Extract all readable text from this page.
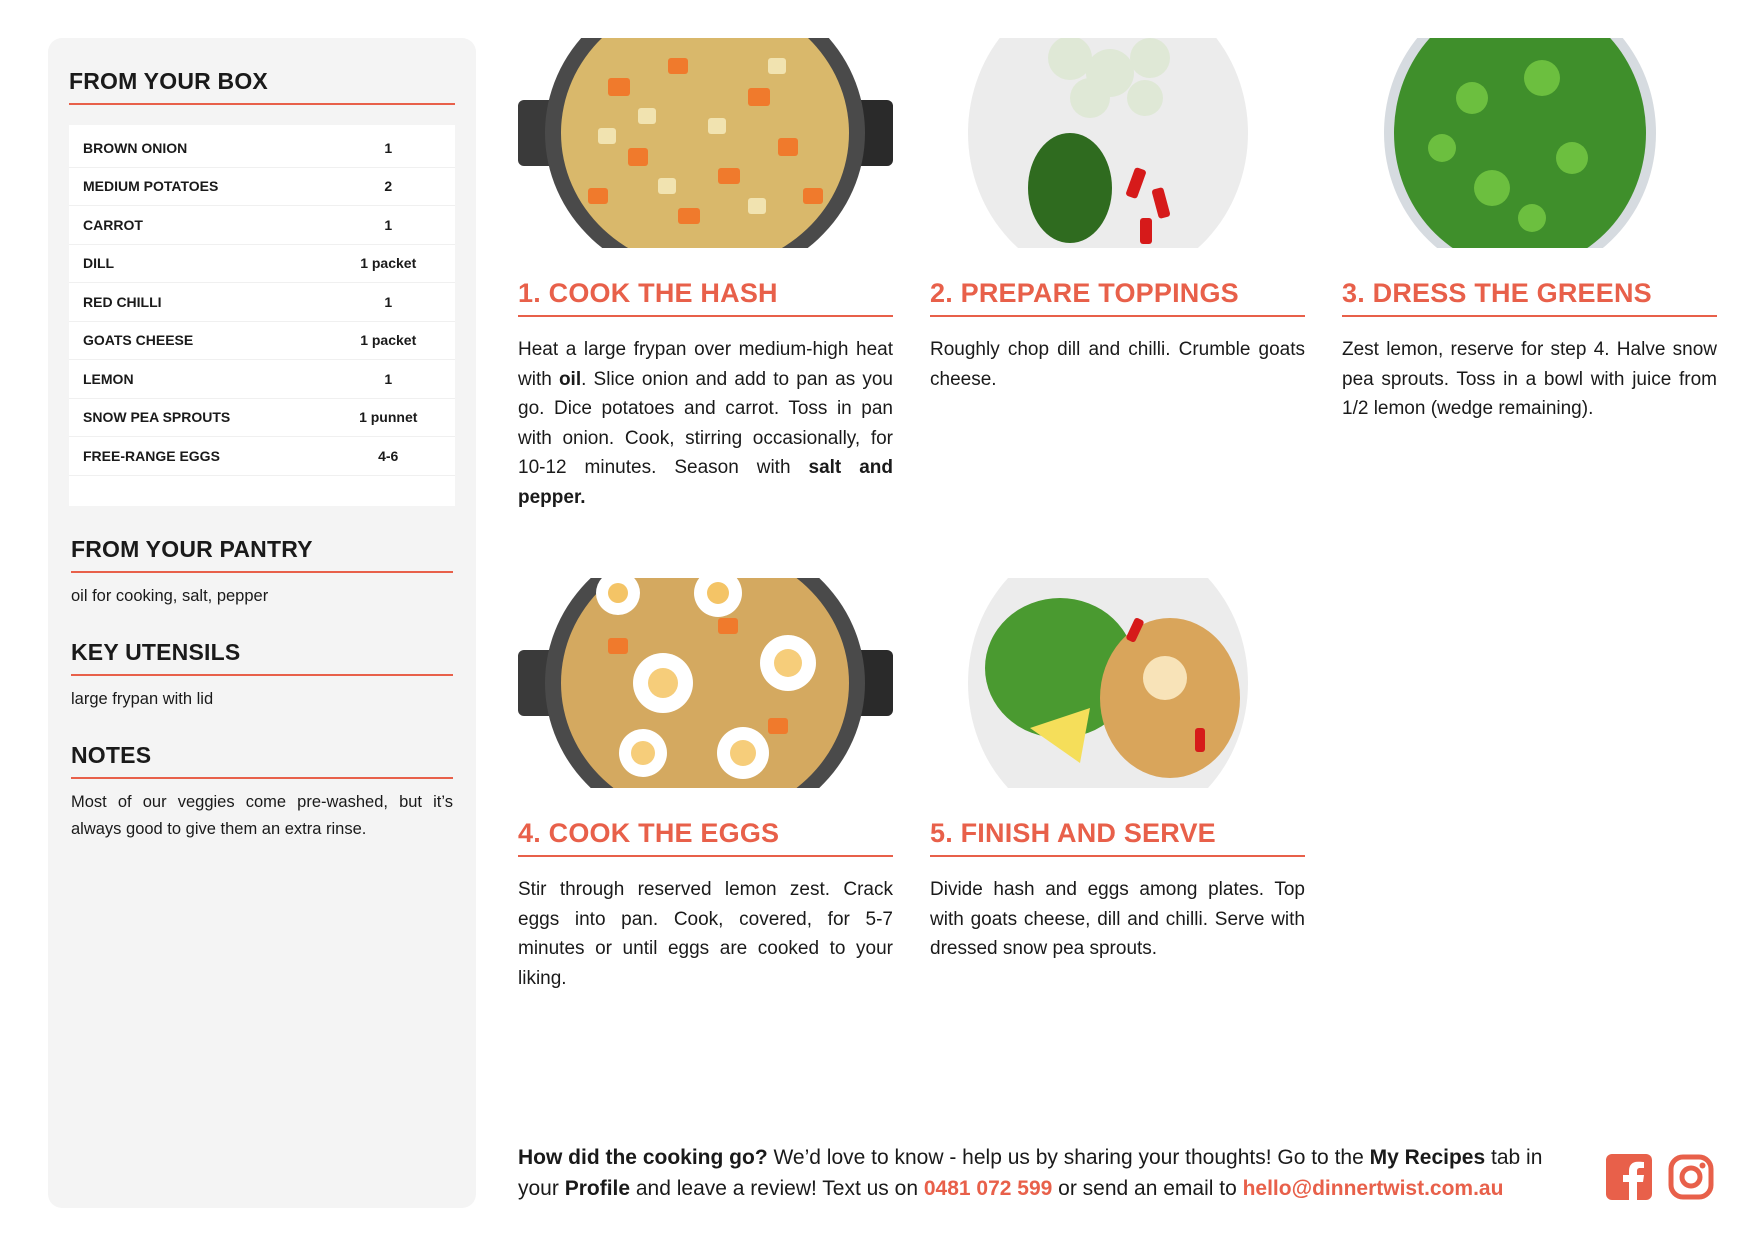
FROM YOUR BOX
BROWN ONION	1
MEDIUM POTATOES	2
CARROT	1
DILL	1 packet
RED CHILLI	1
GOATS CHEESE	1 packet
LEMON	1
SNOW PEA SPROUTS	1 punnet
FREE-RANGE EGGS	4-6
FROM YOUR PANTRY
oil for cooking, salt, pepper
KEY UTENSILS
large frypan with lid
NOTES
Most of our veggies come pre-washed, but it’s always good to give them an extra rinse.
1. COOK THE HASH
Heat a large frypan over medium-high heat with oil. Slice onion and add to pan as you go. Dice potatoes and carrot. Toss in pan with onion. Cook, stirring occasionally, for 10-12 minutes. Season with salt and pepper.
2. PREPARE TOPPINGS
Roughly chop dill and chilli. Crumble goats cheese.
3. DRESS THE GREENS
Zest lemon, reserve for step 4. Halve snow pea sprouts. Toss in a bowl with juice from 1/2 lemon (wedge remaining).
4. COOK THE EGGS
Stir through reserved lemon zest. Crack eggs into pan. Cook, covered, for 5-7 minutes or until eggs are cooked to your liking.
5. FINISH AND SERVE
Divide hash and eggs among plates. Top with goats cheese, dill and chilli. Serve with dressed snow pea sprouts.
How did the cooking go? We’d love to know - help us by sharing your thoughts! Go to the My Recipes tab in your Profile and leave a review! Text us on 0481 072 599 or send an email to hello@dinnertwist.com.au
